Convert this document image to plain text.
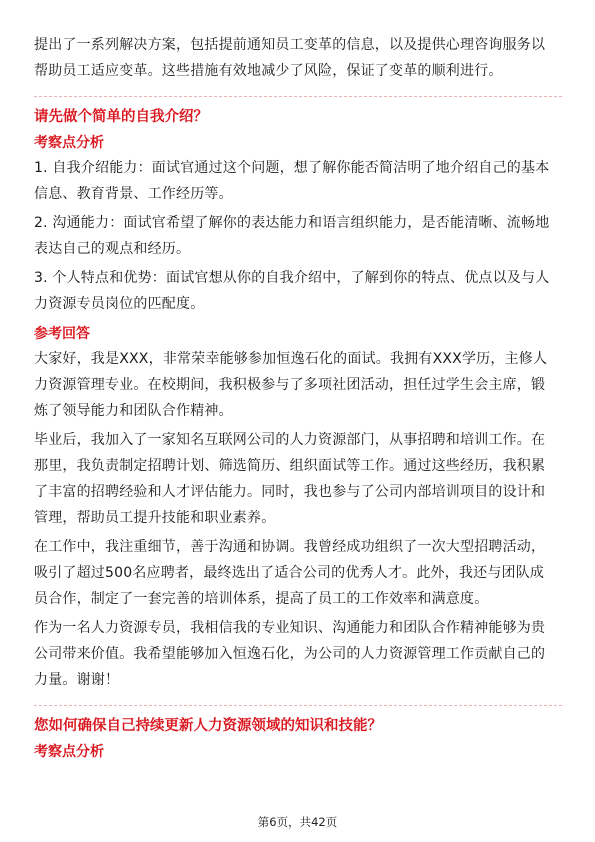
提出了一系列解决方案，包括提前通知员工变革的信息，以及提供心理咨询服务以

帮助员工适应变革。这些措施有效地减少了风险，保证了变革的顺利进行。

请先做个简单的自我介绍？
考察点分析

1. 自我介绍能力：面试官通过这个问题，想了解你能否简洁明了地介绍自己的基本

信息、教育背景、工作经历等。

2. 沟通能力：面试官希望了解你的表达能力和语言组织能力，是否能清晰、流畅地

表达自己的观点和经历。

3. 个人特点和优势：面试官想从你的自我介绍中，了解到你的特点、优点以及与人

力资源专员岗位的匹配度。

参考回答

大家好，我是XXX，非常荣幸能够参加恒逸石化的面试。我拥有XXX学历，主修人

力资源管理专业。在校期间，我积极参与了多项社团活动，担任过学生会主席，锻

炼了领导能力和团队合作精神。

毕业后，我加入了一家知名互联网公司的人力资源部门，从事招聘和培训工作。在

那里，我负责制定招聘计划、筛选简历、组织面试等工作。通过这些经历，我积累

了丰富的招聘经验和人才评估能力。同时，我也参与了公司内部培训项目的设计和

管理，帮助员工提升技能和职业素养。

在工作中，我注重细节，善于沟通和协调。我曾经成功组织了一次大型招聘活动，

吸引了超过500名应聘者，最终选出了适合公司的优秀人才。此外，我还与团队成

员合作，制定了一套完善的培训体系，提高了员工的工作效率和满意度。

作为一名人力资源专员，我相信我的专业知识、沟通能力和团队合作精神能够为贵

公司带来价值。我希望能够加入恒逸石化，为公司的人力资源管理工作贡献自己的

力量。谢谢！

您如何确保自己持续更新人力资源领域的知识和技能？
考察点分析
第6页，共42页
